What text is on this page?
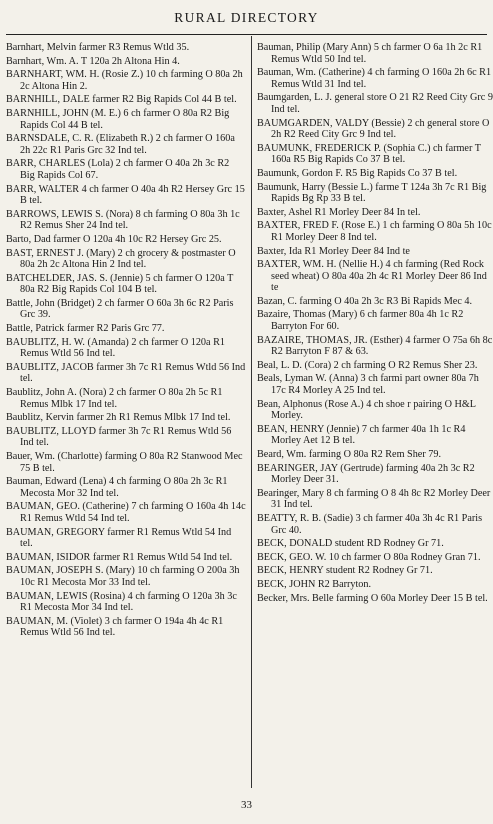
RURAL DIRECTORY
Barnhart, Melvin farmer R3 Remus Wtld 35.
Barnhart, Wm. A. T 120a 2h Altona Hin 4.
BARNHART, WM. H. (Rosie Z.) 10 ch farming O 80a 2h 2c Altona Hin 2.
BARNHILL, DALE farmer R2 Big Rapids Col 44 B tel.
BARNHILL, JOHN (M. E.) 6 ch farmer O 80a R2 Big Rapids Col 44 B tel.
BARNSDALE, C. R. (Elizabeth R.) 2 ch farmer O 160a 2h 22c R1 Paris Grc 32 Ind tel.
BARR, CHARLES (Lola) 2 ch farmer O 40a 2h 3c R2 Big Rapids Col 67.
BARR, WALTER 4 ch farmer O 40a 4h R2 Hersey Grc 15 B tel.
BARROWS, LEWIS S. (Nora) 8 ch farming O 80a 3h 1c R2 Remus Sher 24 Ind tel.
Barto, Dad farmer O 120a 4h 10c R2 Hersey Grc 25.
BAST, ERNEST J. (Mary) 2 ch grocery & postmaster O 80a 2h 2c Altona Hin 2 Ind tel.
BATCHELDER, JAS. S. (Jennie) 5 ch farmer O 120a T 80a R2 Big Rapids Col 104 B tel.
Battle, John (Bridget) 2 ch farmer O 60a 3h 6c R2 Paris Grc 39.
Battle, Patrick farmer R2 Paris Grc 77.
BAUBLITZ, H. W. (Amanda) 2 ch farmer O 120a R1 Remus Wtld 56 Ind tel.
BAUBLITZ, JACOB farmer 3h 7c R1 Remus Wtld 56 Ind tel.
Baublitz, John A. (Nora) 2 ch farmer O 80a 2h 5c R1 Remus Mlbk 17 Ind tel.
Baublitz, Kervin farmer 2h R1 Remus Mlbk 17 Ind tel.
BAUBLITZ, LLOYD farmer 3h 7c R1 Remus Wtld 56 Ind tel.
Bauer, Wm. (Charlotte) farming O 80a R2 Stanwood Mec 75 B tel.
Bauman, Edward (Lena) 4 ch farming O 80a 2h 3c R1 Mecosta Mor 32 Ind tel.
BAUMAN, GEO. (Catherine) 7 ch farming O 160a 4h 14c R1 Remus Wtld 54 Ind tel.
BAUMAN, GREGORY farmer R1 Remus Wtld 54 Ind tel.
BAUMAN, ISIDOR farmer R1 Remus Wtld 54 Ind tel.
BAUMAN, JOSEPH S. (Mary) 10 ch farming O 200a 3h 10c R1 Mecosta Mor 33 Ind tel.
BAUMAN, LEWIS (Rosina) 4 ch farming O 120a 3h 3c R1 Mecosta Mor 34 Ind tel.
BAUMAN, M. (Violet) 3 ch farmer O 194a 4h 4c R1 Remus Wtld 56 Ind tel.
Bauman, Philip (Mary Ann) 5 ch farmer O 6a 1h 2c R1 Remus Wtld 50 Ind tel.
Bauman, Wm. (Catherine) 4 ch farming O 160a 2h 6c R1 Remus Wtld 31 Ind tel.
Baumgarden, L. J. general store O 21 R2 Reed City Grc 9 Ind tel.
BAUMGARDEN, VALDY (Bessie) 2 ch general store O 2h R2 Reed City Grc 9 Ind tel.
BAUMUNK, FREDERICK P. (Sophia C.) ch farmer T 160a R5 Big Rapids Co 37 B tel.
Baumunk, Gordon F. R5 Big Rapids Co 37 B tel.
Baumunk, Harry (Bessie L.) farme T 124a 3h 7c R1 Big Rapids Bg Rp 33 B tel.
Baxter, Ashel R1 Morley Deer 84 In tel.
BAXTER, FRED F. (Rose E.) 1 ch farming O 80a 5h 10c R1 Morley Deer 8 Ind tel.
Baxter, Ida R1 Morley Deer 84 Ind te
BAXTER, WM. H. (Nellie H.) 4 ch farming (Red Rock seed wheat) O 80a 40a 2h 4c R1 Morley Deer 86 Ind te
Bazan, C. farming O 40a 2h 3c R3 Bi Rapids Mec 4.
Bazaire, Thomas (Mary) 6 ch farmer 80a 4h 1c R2 Barryton For 60.
BAZAIRE, THOMAS, JR. (Esther) 4 farmer O 75a 6h 8c R2 Barryton F 87 & 63.
Beal, L. D. (Cora) 2 ch farming O R2 Remus Sher 23.
Beals, Lyman W. (Anna) 3 ch farmi part owner 80a 7h 17c R4 Morley A 25 Ind tel.
Bean, Alphonus (Rose A.) 4 ch shoe r pairing O H&L Morley.
BEAN, HENRY (Jennie) 7 ch farmer 40a 1h 1c R4 Morley Aet 12 B tel.
Beard, Wm. farming O 80a R2 Rem Sher 79.
BEARINGER, JAY (Gertrude) farming 40a 2h 3c R2 Morley Deer 31.
Bearinger, Mary 8 ch farming O 8 4h 8c R2 Morley Deer 31 Ind tel.
BEATTY, R. B. (Sadie) 3 ch farmer 40a 3h 4c R1 Paris Grc 40.
BECK, DONALD student RD Rodney Gr 71.
BECK, GEO. W. 10 ch farmer O 80a Rodney Gran 71.
BECK, HENRY student R2 Rodney Gr 71.
BECK, JOHN R2 Barryton.
Becker, Mrs. Belle farming O 60a Morley Deer 15 B tel.
33
